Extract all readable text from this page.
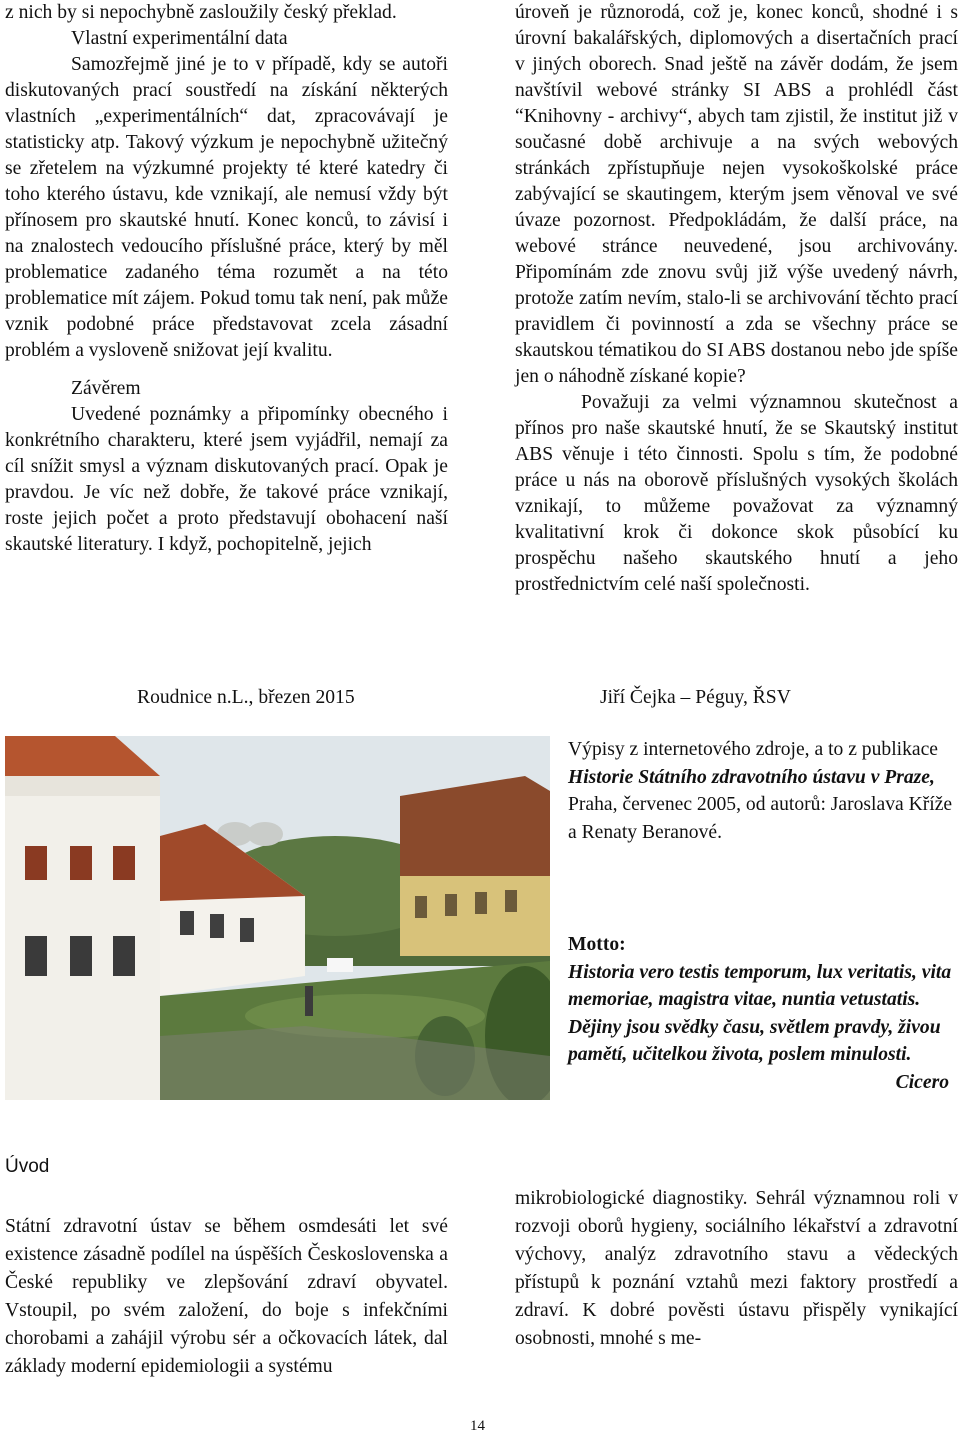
z nich by si nepochybně zasloužily český překlad.

Vlastní experimentální data

Samozřejmě jiné je to v případě, kdy se autoři diskutovaných prací soustředí na získání některých vlastních „experimentálních“ dat, zpracovávají je statisticky atp. Takový výzkum je nepochybně užitečný se zřetelem na výzkumné projekty té které katedry či toho kterého ústavu, kde vznikají, ale nemusí vždy být přínosem pro skautské hnutí. Konec konců, to závisí i na znalostech vedoucího příslušné práce, který by měl problematice zadaného téma rozumět a na této problematice mít zájem. Pokud tomu tak není, pak může vznik podobné práce představovat zcela zásadní problém a vysloveně snižovat její kvalitu.

Závěrem

Uvedené poznámky a připomínky obecného i konkrétního charakteru, které jsem vyjádřil, nemají za cíl snížit smysl a význam diskutovaných prací. Opak je pravdou. Je víc než dobře, že takové práce vznikají, roste jejich počet a proto představují obohacení naší skautské literatury. I když, pochopitelně, jejich

úroveň je různorodá, což je, konec konců, shodné i s úrovní bakalářských, diplomových a disertačních prací v jiných oborech. Snad ještě na závěr dodám, že jsem navštívil webové stránky SI ABS a prohlédl část “Knihovny - archivy“, abych tam zjistil, že institut již v současné době archivuje a na svých webových stránkách zpřístupňuje nejen vysokoškolské práce zabývající se skautingem, kterým jsem věnoval ve své úvaze pozornost. Předpokládám, že další práce, na webové stránce neuvedené, jsou archivovány. Připomínám zde znovu svůj již výše uvedený návrh, protože zatím nevím, stalo-li se archivování těchto prací pravidlem či povinností a zda se všechny práce se skautskou tématikou do SI ABS dostanou nebo jde spíše jen o náhodně získané kopie?

Považuji za velmi významnou skutečnost a přínos pro naše skautské hnutí, že se Skautský institut ABS věnuje i této činnosti. Spolu s tím, že podobné práce u nás na oborově příslušných vysokých školách vznikají, to můžeme považovat za významný kvalitativní krok či dokonce skok působící ku prospěchu našeho skautského hnutí a jeho prostřednictvím celé naší společnosti.

Roudnice n.L., březen 2015	Jiří Čejka – Péguy, ŘSV

Výpisy z internetového zdroje, a to z publikace

Historie Státního zdravotního ústavu v Praze, Praha, červenec 2005, od autorů: Jaroslava Kříže a Renaty Beranové.

Motto:

Historia vero testis temporum, lux veritatis, vita memoriae, magistra vitae, nuntia vetustatis.

Dějiny jsou svědky času, světlem pravdy, živou pamětí, učitelkou života, poslem minulosti.

Cicero

Úvod

Státní zdravotní ústav se během osmdesáti let své existence zásadně podílel na úspěších Československa a České republiky ve zlepšování zdraví obyvatel. Vstoupil, po svém založení, do boje s infekčními chorobami a zahájil výrobu sér a očkovacích látek, dal základy moderní epidemiologii a systému

mikrobiologické diagnostiky. Sehrál významnou roli v rozvoji oborů hygieny, sociálního lékařství a zdravotní výchovy, analýz zdravotního stavu a vědeckých přístupů k poznání vztahů mezi faktory prostředí a zdraví. K dobré pověsti ústavu přispěly vynikající osobnosti, mnohé s me-

14
